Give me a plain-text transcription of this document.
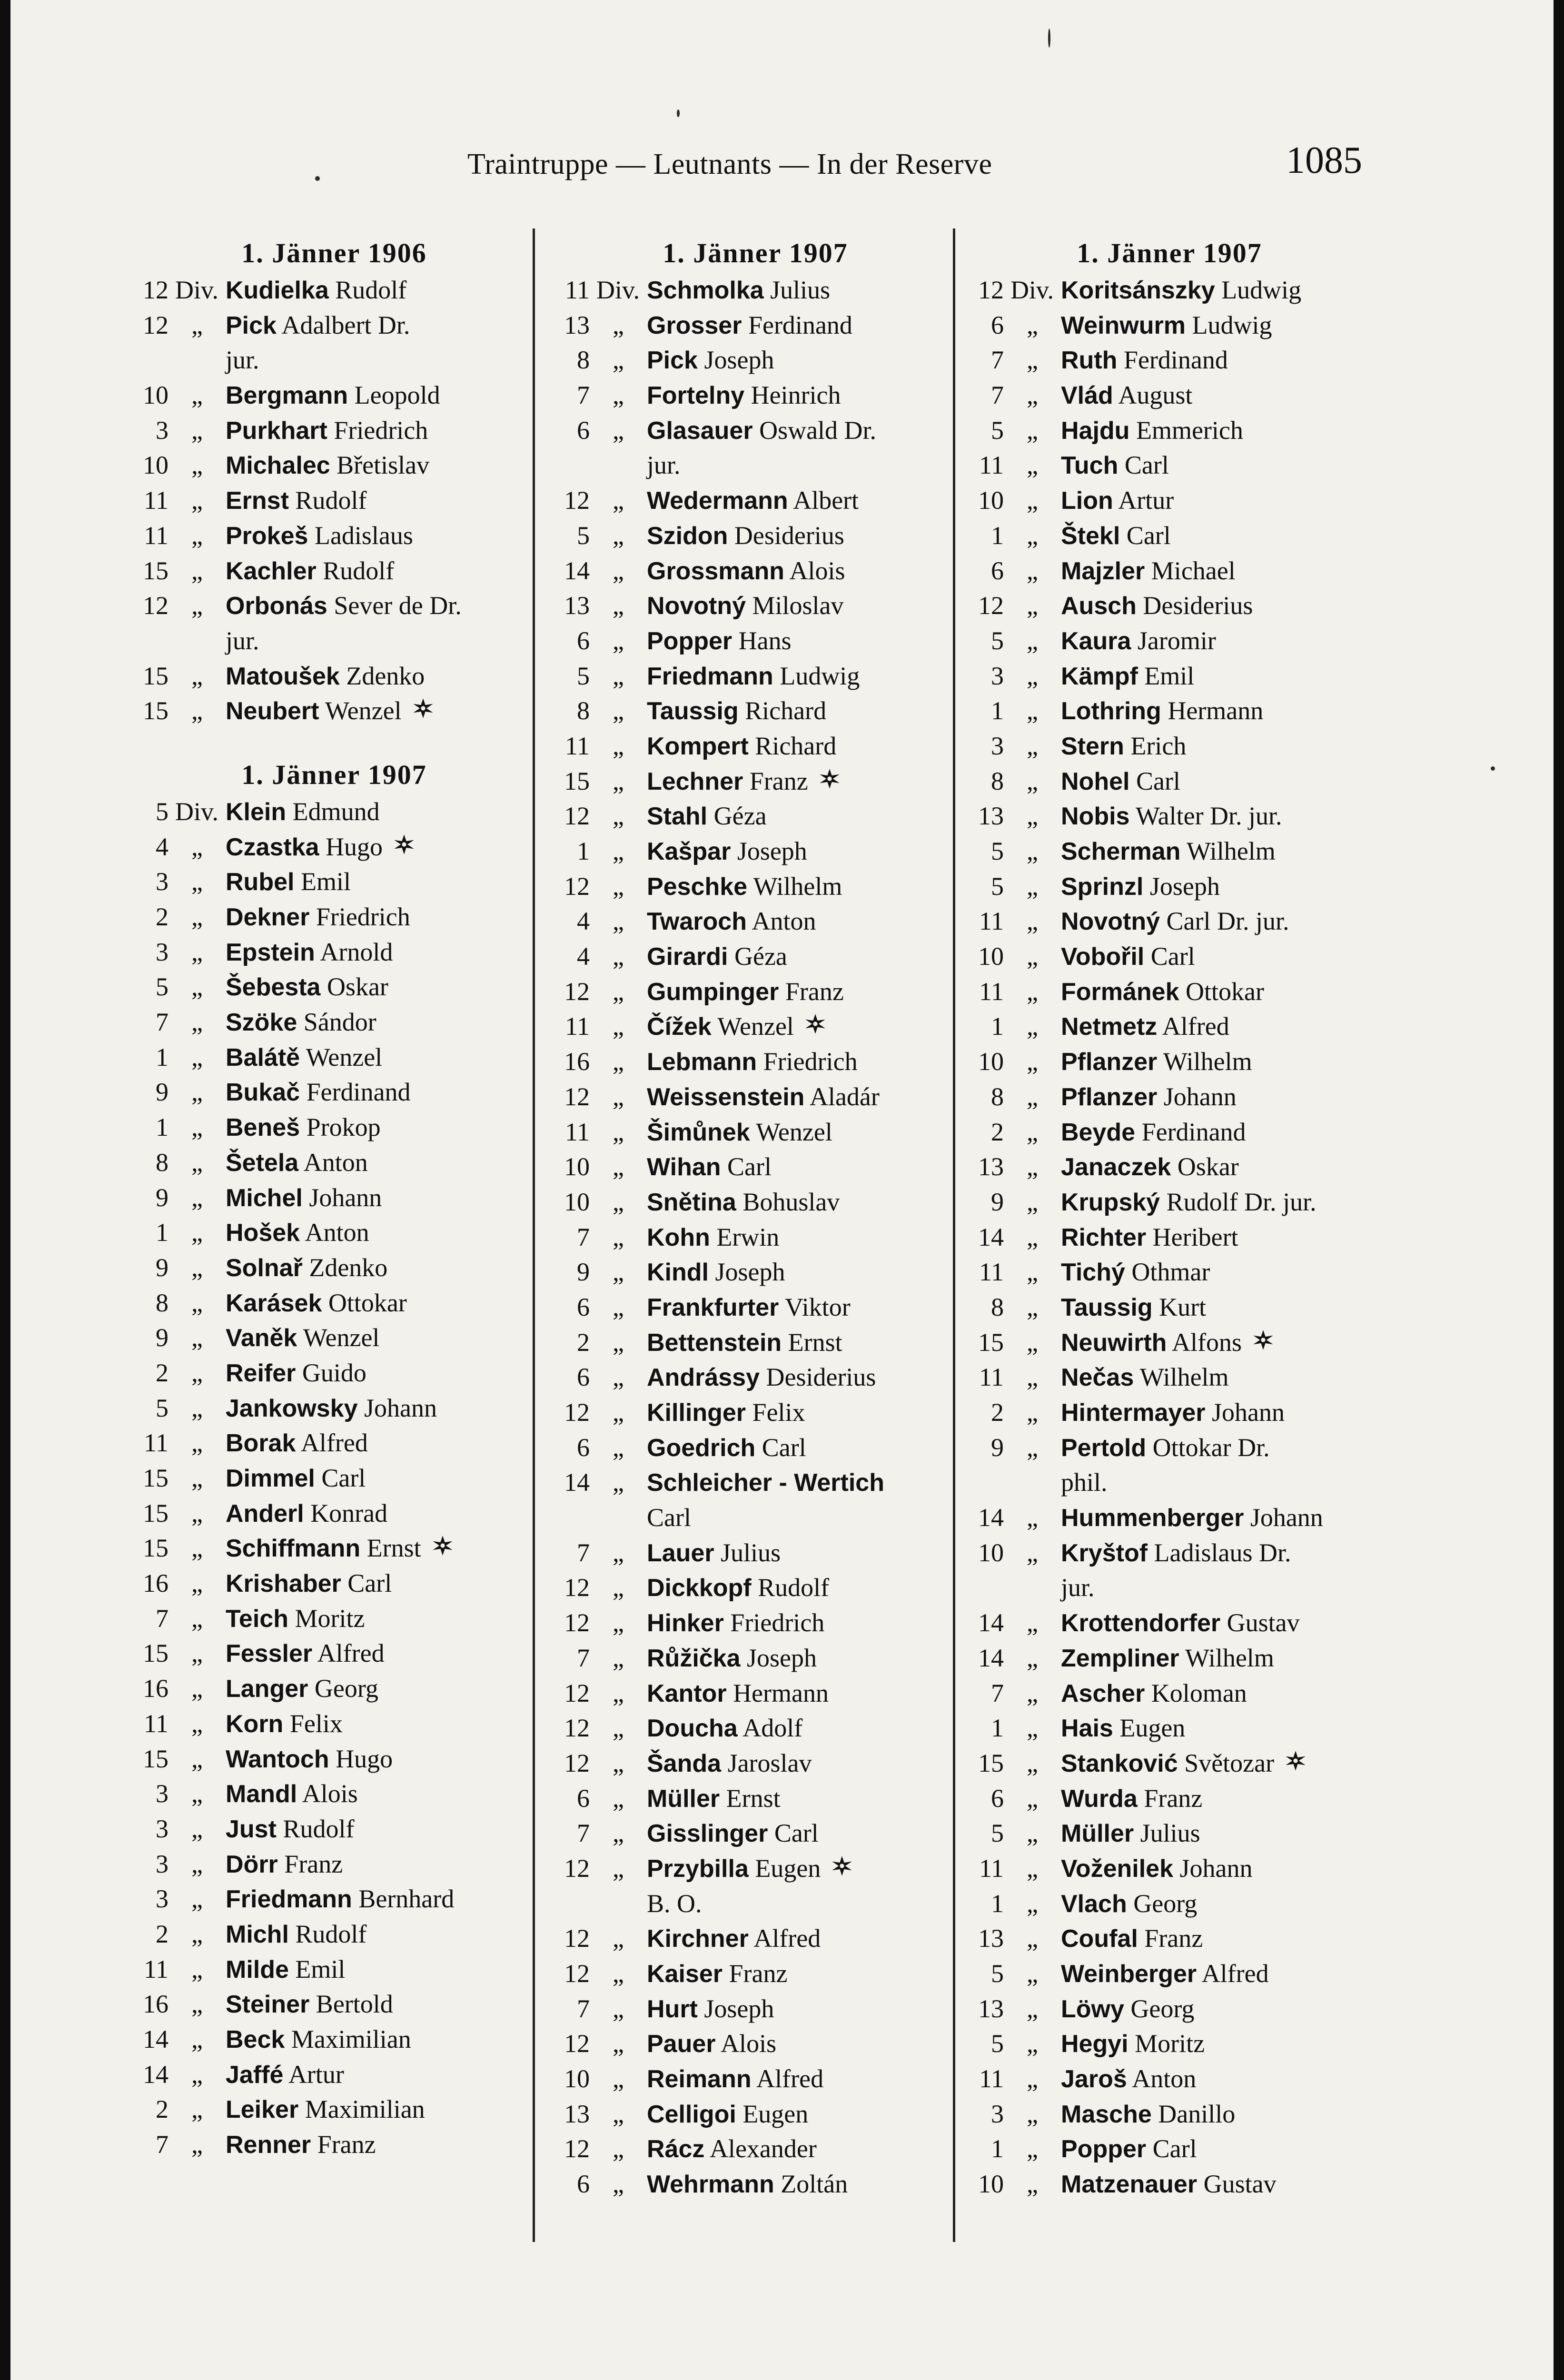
Traintruppe — Leutnants — In der Reserve	1085
1. Jänner 1906
12 Div. Kudielka Rudolf
12 „ Pick Adalbert Dr.
jur.
10 „ Bergmann Leopold
3 „ Purkhart Friedrich
10 „ Michalec Břetislav
11 „ Ernst Rudolf
11 „ Prokeš Ladislaus
15 „ Kachler Rudolf
12 „ Orbonás Sever de Dr.
jur.
15 „ Matoušek Zdenko
15 „ Neubert Wenzel
1. Jänner 1907
5 Div. Klein Edmund
4 „ Czastka Hugo
3 „ Rubel Emil
2 „ Dekner Friedrich
3 „ Epstein Arnold
5 „ Šebesta Oskar
7 „ Szöke Sándor
1 „ Balátě Wenzel
9 „ Bukač Ferdinand
1 „ Beneš Prokop
8 „ Šetela Anton
9 „ Michel Johann
1 „ Hošek Anton
9 „ Solnař Zdenko
8 „ Karásek Ottokar
9 „ Vaněk Wenzel
2 „ Reifer Guido
5 „ Jankowsky Johann
11 „ Borak Alfred
15 „ Dimmel Carl
15 „ Anderl Konrad
15 „ Schiffmann Ernst
16 „ Krishaber Carl
7 „ Teich Moritz
15 „ Fessler Alfred
16 „ Langer Georg
11 „ Korn Felix
15 „ Wantoch Hugo
3 „ Mandl Alois
3 „ Just Rudolf
3 „ Dörr Franz
3 „ Friedmann Bernhard
2 „ Michl Rudolf
11 „ Milde Emil
16 „ Steiner Bertold
14 „ Beck Maximilian
14 „ Jaffé Artur
2 „ Leiker Maximilian
7 „ Renner Franz
1. Jänner 1907
11 Div. Schmolka Julius
13 „ Grosser Ferdinand
8 „ Pick Joseph
7 „ Fortelny Heinrich
6 „ Glasauer Oswald Dr.
jur.
12 „ Wedermann Albert
5 „ Szidon Desiderius
14 „ Grossmann Alois
13 „ Novotný Miloslav
6 „ Popper Hans
5 „ Friedmann Ludwig
8 „ Taussig Richard
11 „ Kompert Richard
15 „ Lechner Franz
12 „ Stahl Géza
1 „ Kašpar Joseph
12 „ Peschke Wilhelm
4 „ Twaroch Anton
4 „ Girardi Géza
12 „ Gumpinger Franz
11 „ Čížek Wenzel
16 „ Lebmann Friedrich
12 „ Weissenstein Aladár
11 „ Šimůnek Wenzel
10 „ Wihan Carl
10 „ Snětina Bohuslav
7 „ Kohn Erwin
9 „ Kindl Joseph
6 „ Frankfurter Viktor
2 „ Bettenstein Ernst
6 „ Andrássy Desiderius
12 „ Killinger Felix
6 „ Goedrich Carl
14 „ Schleicher - Wertich
Carl
7 „ Lauer Julius
12 „ Dickkopf Rudolf
12 „ Hinker Friedrich
7 „ Růžička Joseph
12 „ Kantor Hermann
12 „ Doucha Adolf
12 „ Šanda Jaroslav
6 „ Müller Ernst
7 „ Gisslinger Carl
12 „ Przybilla Eugen
B. O.
12 „ Kirchner Alfred
12 „ Kaiser Franz
7 „ Hurt Joseph
12 „ Pauer Alois
10 „ Reimann Alfred
13 „ Celligoi Eugen
12 „ Rácz Alexander
6 „ Wehrmann Zoltán
1. Jänner 1907
12 Div. Koritsánszky Ludwig
6 „ Weinwurm Ludwig
7 „ Ruth Ferdinand
7 „ Vlád August
5 „ Hajdu Emmerich
11 „ Tuch Carl
10 „ Lion Artur
1 „ Štekl Carl
6 „ Majzler Michael
12 „ Ausch Desiderius
5 „ Kaura Jaromir
3 „ Kämpf Emil
1 „ Lothring Hermann
3 „ Stern Erich
8 „ Nohel Carl
13 „ Nobis Walter Dr. jur.
5 „ Scherman Wilhelm
5 „ Sprinzl Joseph
11 „ Novotný Carl Dr. jur.
10 „ Vobořil Carl
11 „ Formánek Ottokar
1 „ Netmetz Alfred
10 „ Pflanzer Wilhelm
8 „ Pflanzer Johann
2 „ Beyde Ferdinand
13 „ Janaczek Oskar
9 „ Krupský Rudolf Dr. jur.
14 „ Richter Heribert
11 „ Tichý Othmar
8 „ Taussig Kurt
15 „ Neuwirth Alfons
11 „ Nečas Wilhelm
2 „ Hintermayer Johann
9 „ Pertold Ottokar Dr.
phil.
14 „ Hummenberger Johann
10 „ Kryštof Ladislaus Dr.
jur.
14 „ Krottendorfer Gustav
14 „ Zempliner Wilhelm
7 „ Ascher Koloman
1 „ Hais Eugen
15 „ Stanković Světozar
6 „ Wurda Franz
5 „ Müller Julius
11 „ Voženilek Johann
1 „ Vlach Georg
13 „ Coufal Franz
5 „ Weinberger Alfred
13 „ Löwy Georg
5 „ Hegyi Moritz
11 „ Jaroš Anton
3 „ Masche Danillo
1 „ Popper Carl
10 „ Matzenauer Gustav
